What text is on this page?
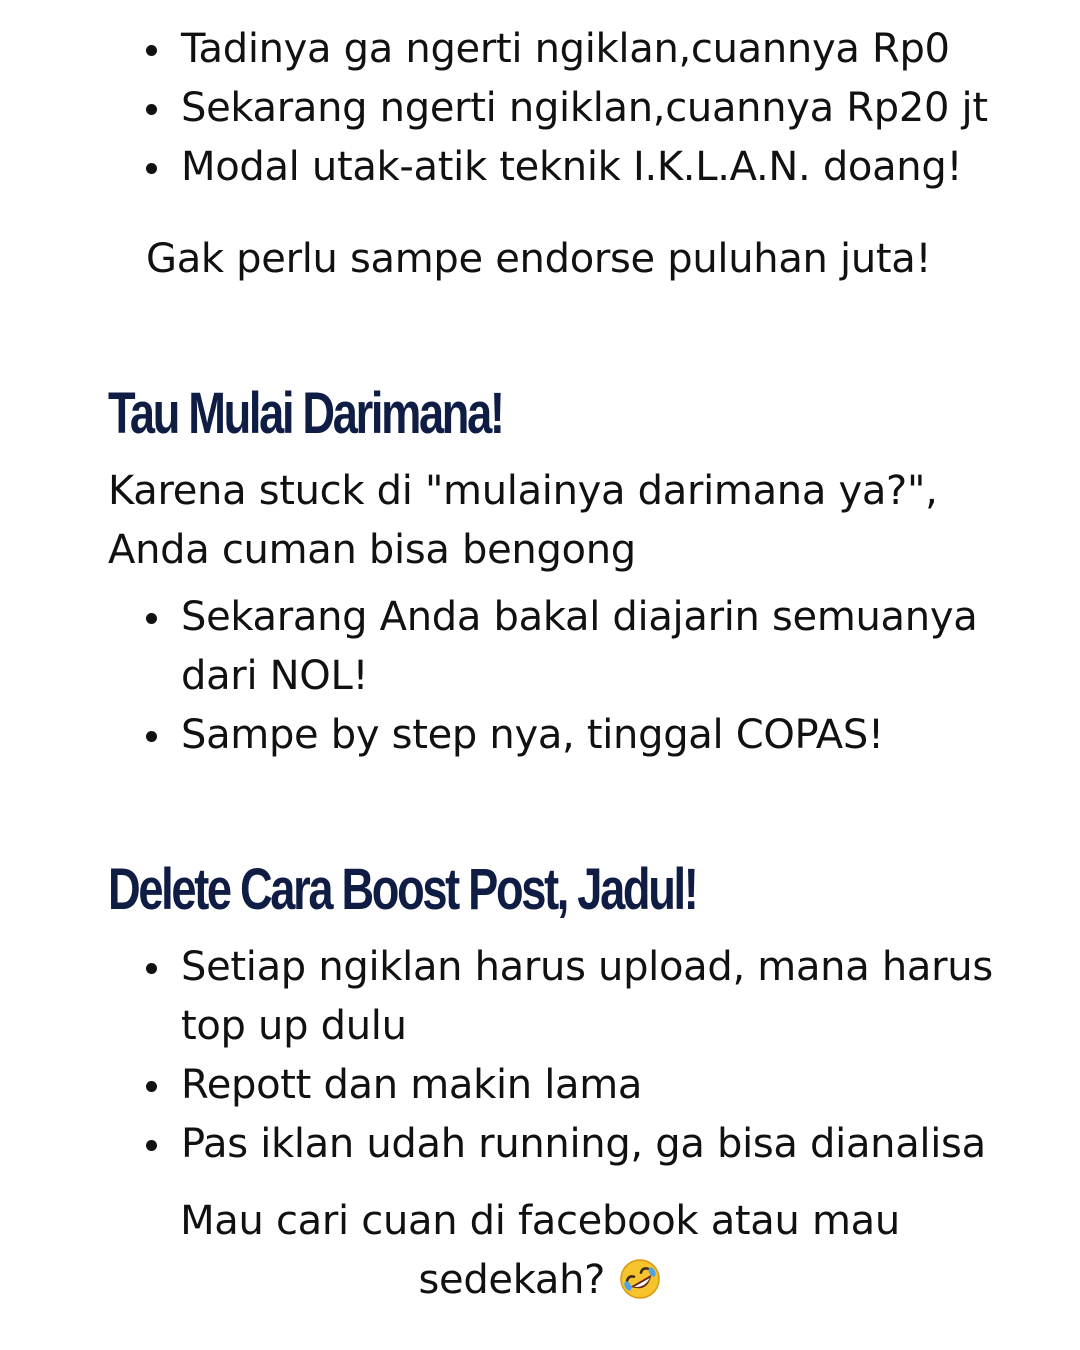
Tadinya ga ngerti ngiklan,cuannya Rp0
Sekarang ngerti ngiklan,cuannya Rp20 jt
Modal utak-atik teknik I.K.L.A.N. doang!
Gak perlu sampe endorse puluhan juta!
Tau Mulai Darimana!
Karena stuck di "mulainya darimana ya?", Anda cuman bisa bengong
Sekarang Anda bakal diajarin semuanya dari NOL!
Sampe by step nya, tinggal COPAS!
Delete Cara Boost Post, Jadul!
Setiap ngiklan harus upload, mana harus top up dulu
Repott dan makin lama
Pas iklan udah running, ga bisa dianalisa
Mau cari cuan di facebook atau mau sedekah?
